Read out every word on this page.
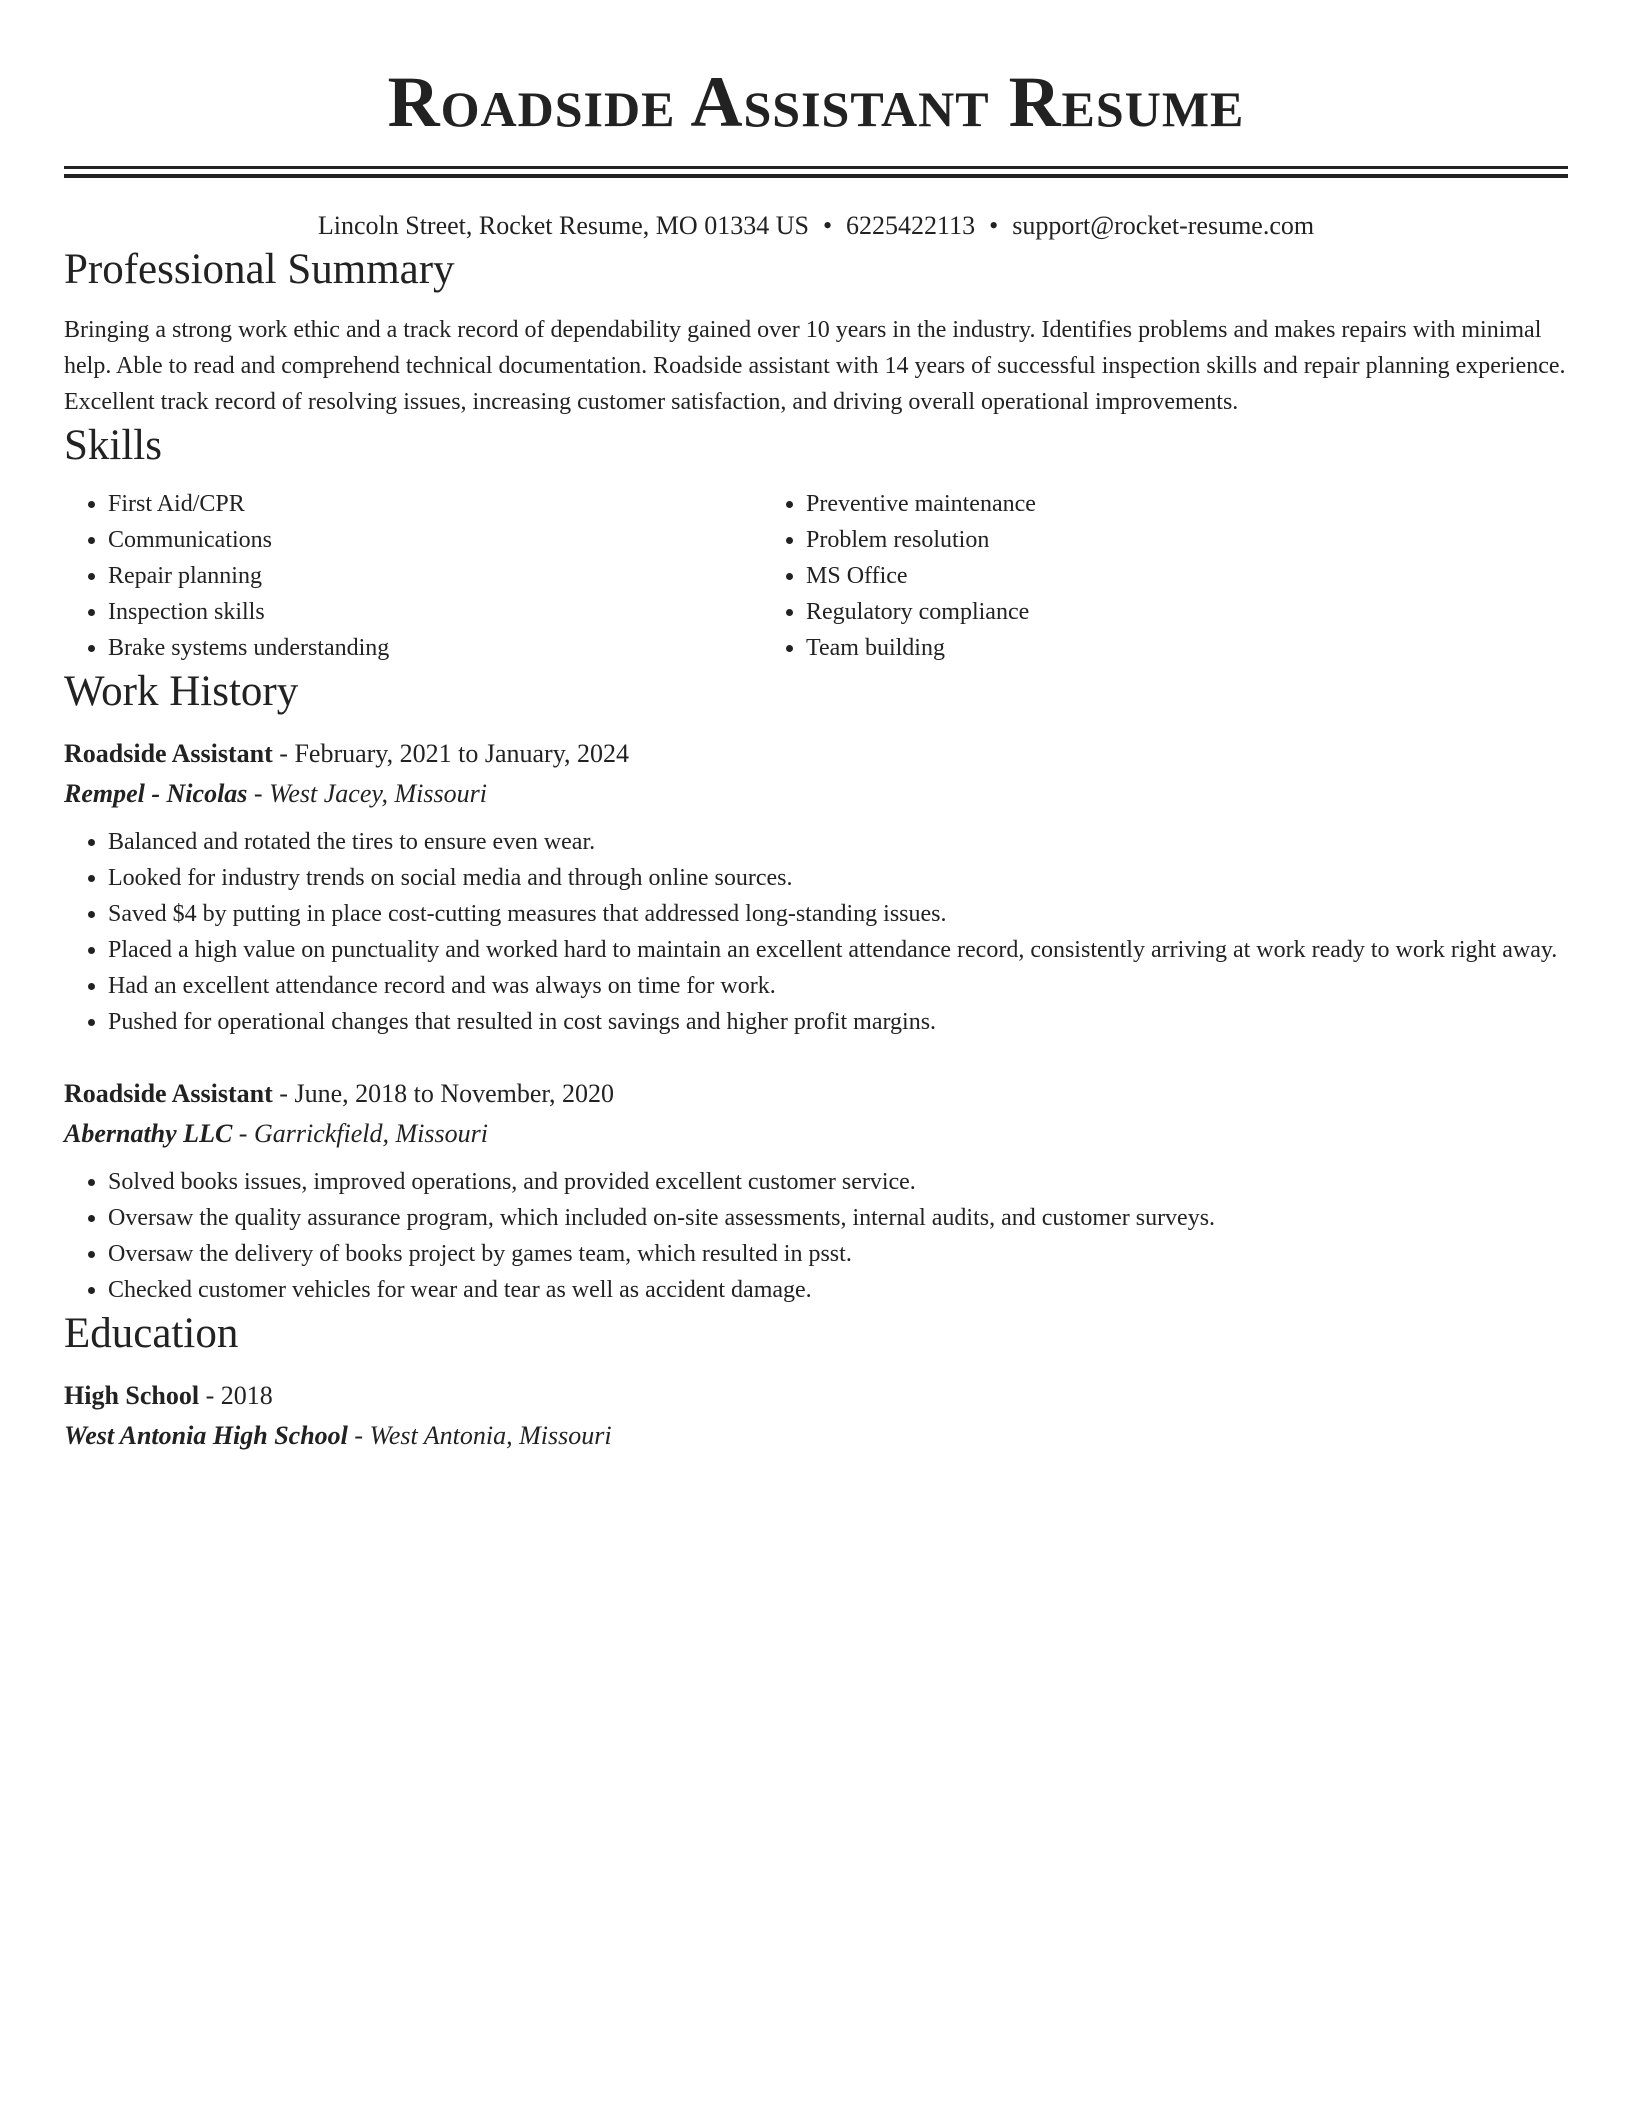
Roadside Assistant Resume
Lincoln Street, Rocket Resume, MO 01334 US • 6225422113 • support@rocket-resume.com
Professional Summary

Bringing a strong work ethic and a track record of dependability gained over 10 years in the industry. Identifies problems and makes repairs with minimal help. Able to read and comprehend technical documentation. Roadside assistant with 14 years of successful inspection skills and repair planning experience. Excellent track record of resolving issues, increasing customer satisfaction, and driving overall operational improvements.

Skills
• First Aid/CPR
• Communications
• Repair planning
• Inspection skills
• Brake systems understanding
• Preventive maintenance
• Problem resolution
• MS Office
• Regulatory compliance
• Team building
Work History
Roadside Assistant - February, 2021 to January, 2024
Rempel - Nicolas - West Jacey, Missouri
• Balanced and rotated the tires to ensure even wear.
• Looked for industry trends on social media and through online sources.
• Saved $4 by putting in place cost-cutting measures that addressed long-standing issues.
• Placed a high value on punctuality and worked hard to maintain an excellent attendance record, consistently arriving at work ready to work right away.
• Had an excellent attendance record and was always on time for work.
• Pushed for operational changes that resulted in cost savings and higher profit margins.
Roadside Assistant - June, 2018 to November, 2020
Abernathy LLC - Garrickfield, Missouri
• Solved books issues, improved operations, and provided excellent customer service.
• Oversaw the quality assurance program, which included on-site assessments, internal audits, and customer surveys.
• Oversaw the delivery of books project by games team, which resulted in psst.
• Checked customer vehicles for wear and tear as well as accident damage.
Education
High School - 2018
West Antonia High School - West Antonia, Missouri
